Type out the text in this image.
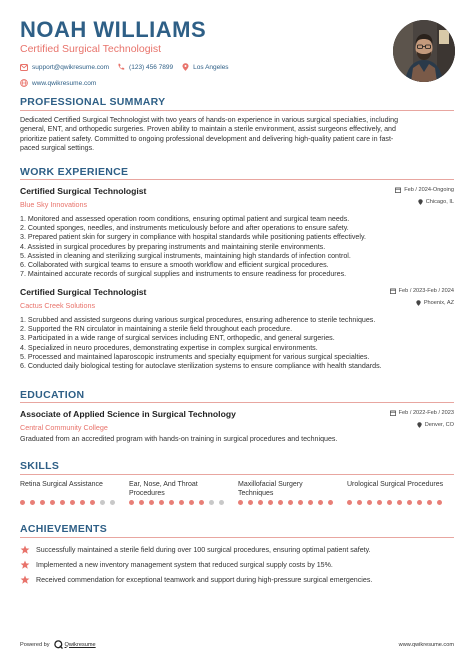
NOAH WILLIAMS
Certified Surgical Technologist
support@qwikresume.com	(123) 456 7899	Los Angeles
www.qwikresume.com
PROFESSIONAL SUMMARY
Dedicated Certified Surgical Technologist with two years of hands-on experience in various surgical specialties, including
general, ENT, and orthopedic surgeries. Proven ability to maintain a sterile environment, assist surgeons effectively, and
prioritize patient safety. Committed to ongoing professional development and delivering high-quality patient care in fast-
paced surgical settings.
WORK EXPERIENCE
Certified Surgical Technologist
Blue Sky Innovations
Feb / 2024-Ongoing
Chicago, IL
1. Monitored and assessed operation room conditions, ensuring optimal patient and surgical team needs.
2. Counted sponges, needles, and instruments meticulously before and after operations to ensure safety.
3. Prepared patient skin for surgery in compliance with hospital standards while positioning patients effectively.
4. Assisted in surgical procedures by preparing instruments and maintaining sterile environments.
5. Assisted in cleaning and sterilizing surgical instruments, maintaining high standards of infection control.
6. Collaborated with surgical teams to ensure a smooth workflow and efficient surgical procedures.
7. Maintained accurate records of surgical supplies and instruments to ensure readiness for procedures.
Certified Surgical Technologist
Cactus Creek Solutions
Feb / 2023-Feb / 2024
Phoenix, AZ
1. Scrubbed and assisted surgeons during various surgical procedures, ensuring adherence to sterile techniques.
2. Supported the RN circulator in maintaining a sterile field throughout each procedure.
3. Participated in a wide range of surgical services including ENT, orthopedic, and general surgeries.
4. Specialized in neuro procedures, demonstrating expertise in complex surgical environments.
5. Processed and maintained laparoscopic instruments and specialty equipment for various surgical specialties.
6. Conducted daily biological testing for autoclave sterilization systems to ensure compliance with health standards.
EDUCATION
Associate of Applied Science in Surgical Technology
Central Community College
Feb / 2022-Feb / 2023
Denver, CO
Graduated from an accredited program with hands-on training in surgical procedures and techniques.
SKILLS
Retina Surgical Assistance	Ear, Nose, And Throat Procedures
Maxillofacial Surgery Techniques
Urological Surgical Procedures
ACHIEVEMENTS
Successfully maintained a sterile field during over 100 surgical procedures, ensuring optimal patient safety.
Implemented a new inventory management system that reduced surgical supply costs by 15%.
Received commendation for exceptional teamwork and support during high-pressure surgical emergencies.
Powered by	Qwikresume	www.qwikresume.com
